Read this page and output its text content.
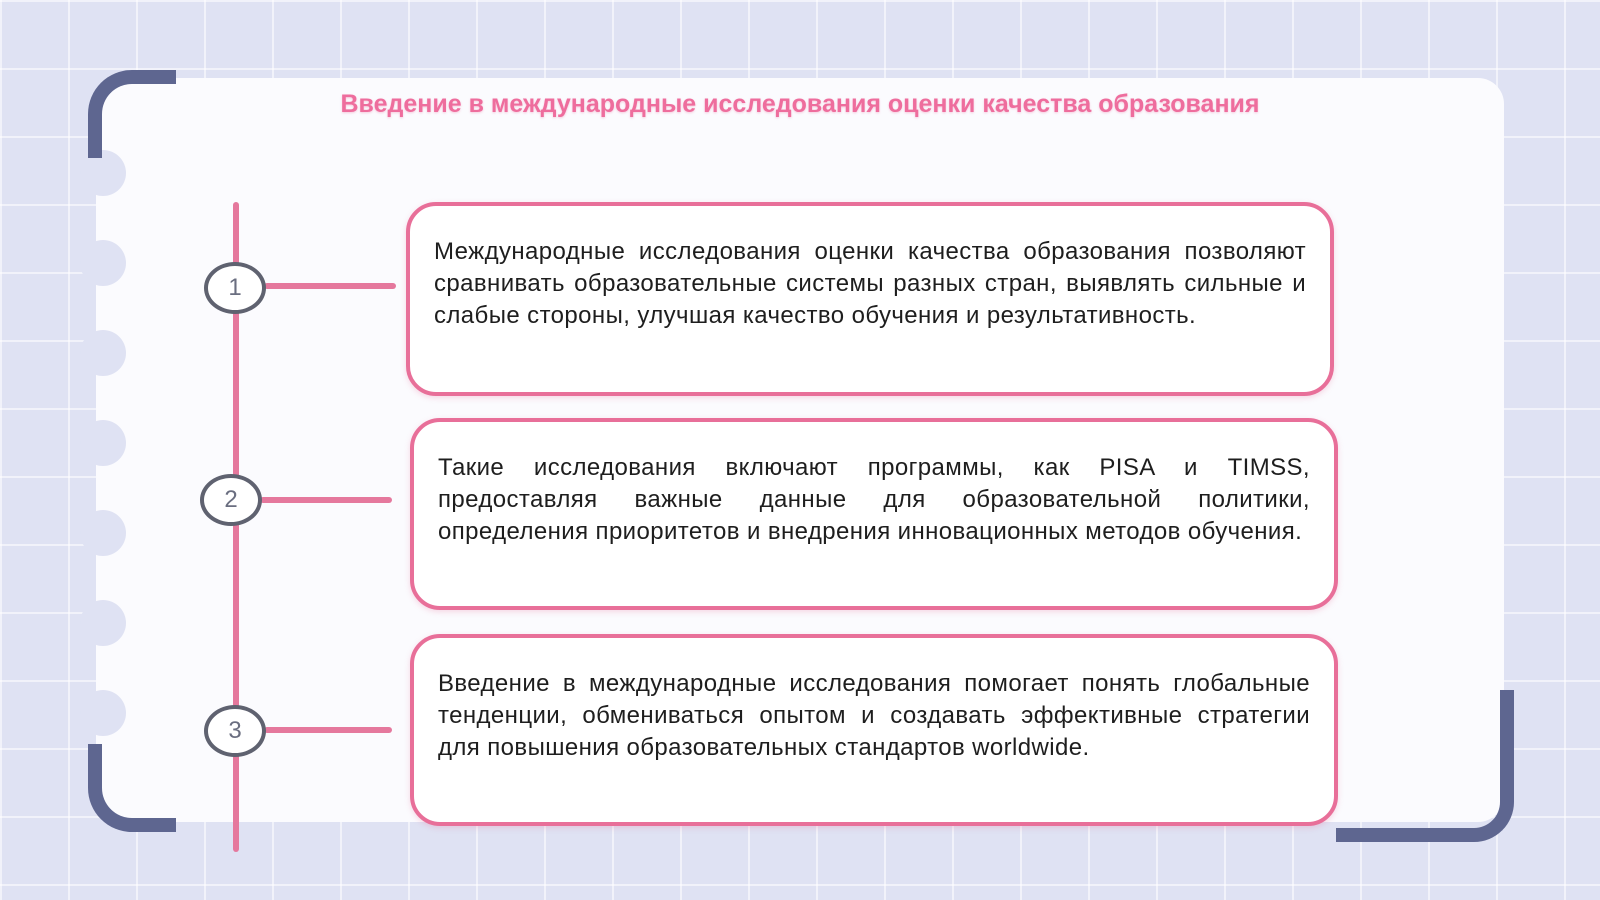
Введение в международные исследования оценки качества образования
1
2
3

Международные исследования оценки качества образования позволяют сравнивать образовательные системы разных стран, выявлять сильные и слабые стороны, улучшая качество обучения и результативность.

Такие исследования включают программы, как PISA и TIMSS, предоставляя важные данные для образовательной политики, определения приоритетов и внедрения инновационных методов обучения.

Введение в международные исследования помогает понять глобальные тенденции, обмениваться опытом и создавать эффективные стратегии для повышения образовательных стандартов worldwide.
